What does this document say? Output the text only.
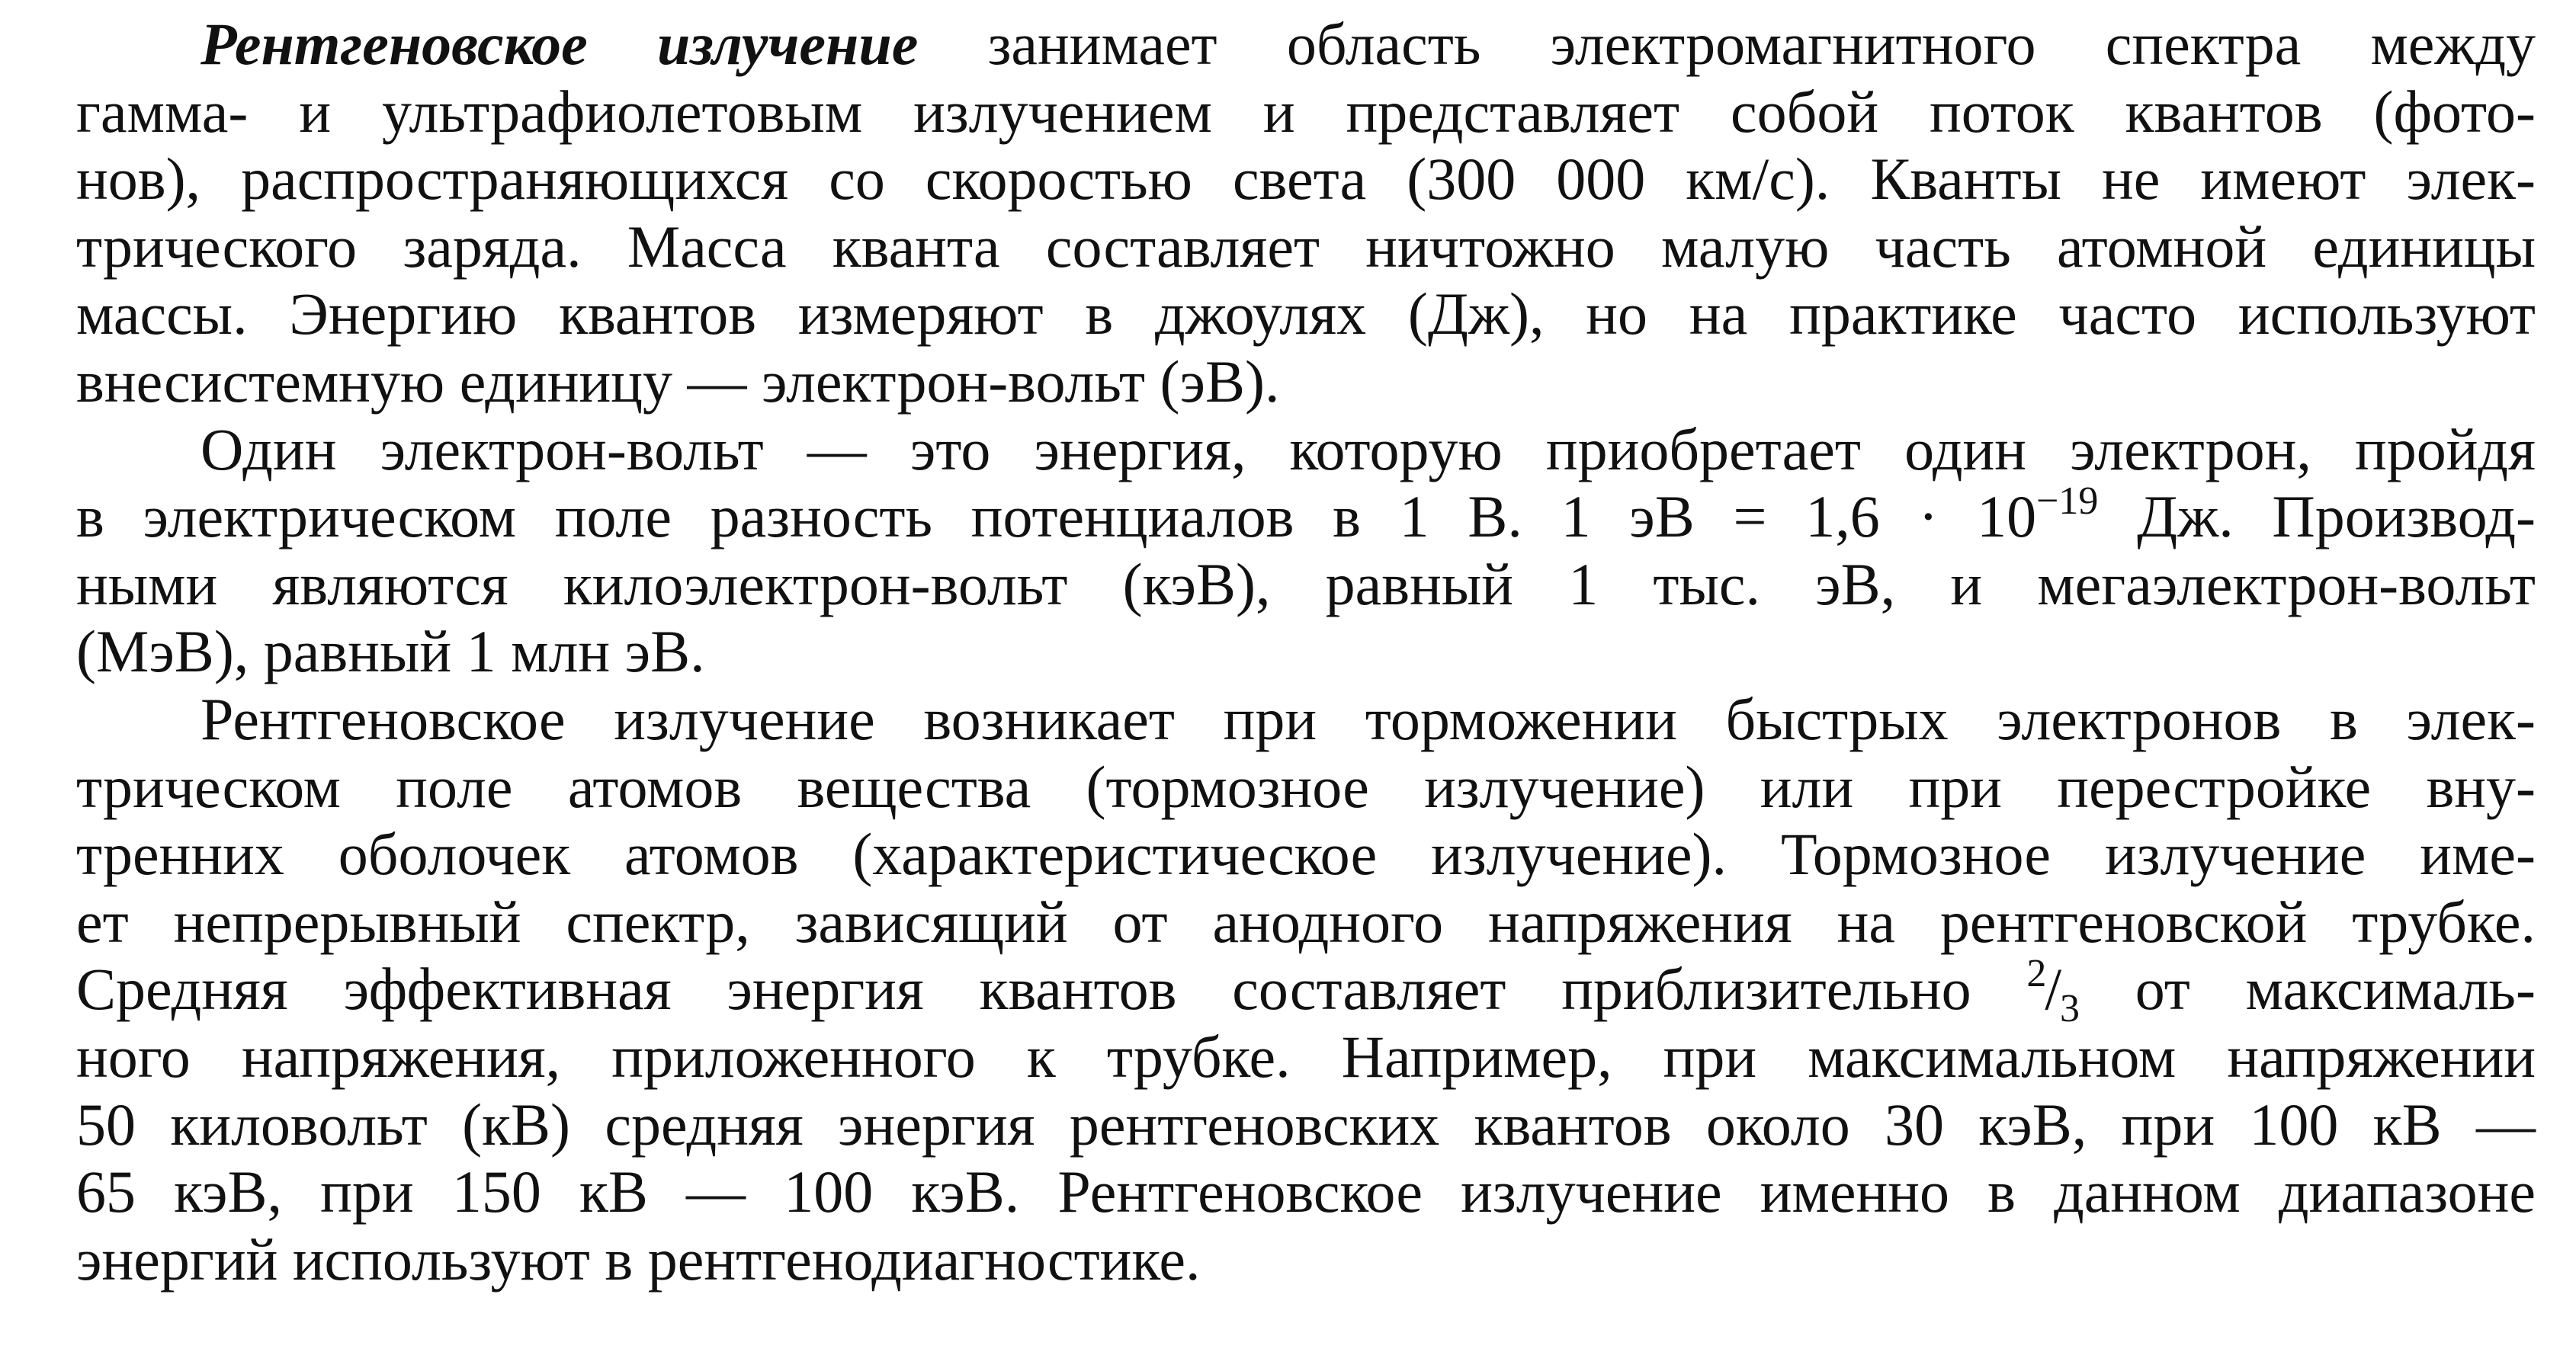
Рентгеновское излучение занимает область электромагнитного спектра между
гамма- и ультрафиолетовым излучением и представляет собой поток квантов (фото-
нов), распространяющихся со скоростью света (300 000 км/с). Кванты не имеют элек-
трического заряда. Масса кванта составляет ничтожно малую часть атомной единицы
массы. Энергию квантов измеряют в джоулях (Дж), но на практике часто используют
внесистемную единицу — электрон-вольт (эВ).
Один электрон-вольт — это энергия, которую приобретает один электрон, пройдя
в электрическом поле разность потенциалов в 1 В. 1 эВ = $1,6 \cdot 10^{-19}$ Дж. Производ-
ными являются килоэлектрон-вольт (кэВ), равный 1 тыс. эВ, и мегаэлектрон-вольт
(МэВ), равный 1 млн эВ.
Рентгеновское излучение возникает при торможении быстрых электронов в элек-
трическом поле атомов вещества (тормозное излучение) или при перестройке вну-
тренних оболочек атомов (характеристическое излучение). Тормозное излучение име-
ет непрерывный спектр, зависящий от анодного напряжения на рентгеновской трубке.
Средняя эффективная энергия квантов составляет приблизительно $^2/_3$ от максималь-
ного напряжения, приложенного к трубке. Например, при максимальном напряжении
50 киловольт (кВ) средняя энергия рентгеновских квантов около 30 кэВ, при 100 кВ —
65 кэВ, при 150 кВ — 100 кэВ. Рентгеновское излучение именно в данном диапазоне
энергий используют в рентгенодиагностике.
